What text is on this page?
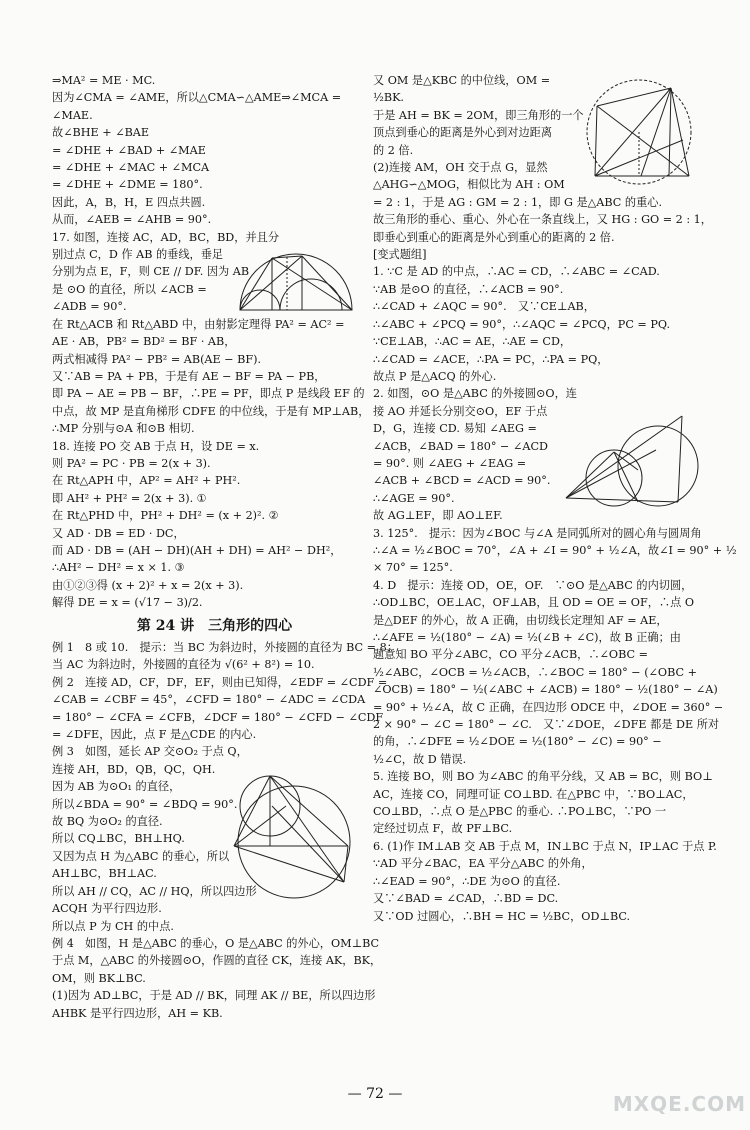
⇒MA² = ME · MC.

因为∠CMA = ∠AME，所以△CMA∽△AME⇒∠MCA =

∠MAE.

故∠BHE + ∠BAE

= ∠DHE + ∠BAD + ∠MAE

= ∠DHE + ∠MAC + ∠MCA

= ∠DHE + ∠DME = 180°.

因此，A，B，H，E 四点共圆.

从而，∠AEB = ∠AHB = 90°.

17. 如图，连接 AC，AD，BC，BD，并且分

别过点 C，D 作 AB 的垂线，垂足

分别为点 E，F，则 CE // DF. 因为 AB

是 ⊙O 的直径，所以 ∠ACB =

∠ADB = 90°.

在 Rt△ACB 和 Rt△ABD 中，由射影定理得 PA² = AC² =

AE · AB，PB² = BD² = BF · AB，

两式相减得 PA² − PB² = AB(AE − BF).

又∵AB = PA + PB，于是有 AE − BF = PA − PB，

即 PA − AE = PB − BF，∴PE = PF，即点 P 是线段 EF 的

中点，故 MP 是直角梯形 CDFE 的中位线，于是有 MP⊥AB，

∴MP 分别与⊙A 和⊙B 相切.

18. 连接 PO 交 AB 于点 H，设 DE = x.

则 PA² = PC · PB = 2(x + 3).

在 Rt△APH 中，AP² = AH² + PH².

即 AH² + PH² = 2(x + 3). ①

在 Rt△PHD 中，PH² + DH² = (x + 2)². ②

又 AD · DB = ED · DC，

而 AD · DB = (AH − DH)(AH + DH) = AH² − DH²，

∴AH² − DH² = x × 1. ③

由①②③得 (x + 2)² + x = 2(x + 3).

解得 DE = x = (√17 − 3)/2.

第 24 讲　三角形的四心

例 1　8 或 10.　提示：当 BC 为斜边时，外接圆的直径为 BC = 8；

当 AC 为斜边时，外接圆的直径为 √(6² + 8²) = 10.

例 2　连接 AD，CF，DF，EF，则由已知得，∠EDF = ∠CDF =

∠CAB = ∠CBF = 45°，∠CFD = 180° − ∠ADC = ∠CDA

= 180° − ∠CFA = ∠CFB，∠DCF = 180° − ∠CFD − ∠CDF

= ∠DFE，因此，点 F 是△CDE 的内心.

例 3　如图，延长 AP 交⊙O₂ 于点 Q，

连接 AH，BD，QB，QC，QH.

因为 AB 为⊙O₁ 的直径，

所以∠BDA = 90° = ∠BDQ = 90°.

故 BQ 为⊙O₂ 的直径.

所以 CQ⊥BC，BH⊥HQ.

又因为点 H 为△ABC 的垂心，所以

AH⊥BC，BH⊥AC.

所以 AH // CQ，AC // HQ，所以四边形

ACQH 为平行四边形.

所以点 P 为 CH 的中点.

例 4　如图，H 是△ABC 的垂心，O 是△ABC 的外心，OM⊥BC

于点 M，△ABC 的外接圆⊙O，作圆的直径 CK，连接 AK，BK，

OM，则 BK⊥BC.

(1)因为 AD⊥BC，于是 AD // BK，同理 AK // BE，所以四边形

AHBK 是平行四边形，AH = KB.

又 OM 是△KBC 的中位线，OM =

½BK.

于是 AH = BK = 2OM，即三角形的一个

顶点到垂心的距离是外心到对边距离

的 2 倍.

(2)连接 AM，OH 交于点 G，显然

△AHG∽△MOG，相似比为 AH : OM

= 2 : 1，于是 AG : GM = 2 : 1，即 G 是△ABC 的重心.

故三角形的垂心、重心、外心在一条直线上，又 HG : GO = 2 : 1，

即垂心到重心的距离是外心到重心的距离的 2 倍.

[变式题组]

1. ∵C 是 AD 的中点，∴AC = CD，∴∠ABC = ∠CAD.

∵AB 是⊙O 的直径，∴∠ACB = 90°.

∴∠CAD + ∠AQC = 90°.　又∵CE⊥AB，

∴∠ABC + ∠PCQ = 90°，∴∠AQC = ∠PCQ，PC = PQ.

∵CE⊥AB，∴AC = AE，∴AE = CD，

∴∠CAD = ∠ACE，∴PA = PC，∴PA = PQ，

故点 P 是△ACQ 的外心.

2. 如图，⊙O 是△ABC 的外接圆⊙O，连

接 AO 并延长分别交⊙O，EF 于点

D，G，连接 CD. 易知 ∠AEG =

∠ACB，∠BAD = 180° − ∠ACD

= 90°. 则 ∠AEG + ∠EAG =

∠ACB + ∠BCD = ∠ACD = 90°.

∴∠AGE = 90°.

故 AG⊥EF，即 AO⊥EF.

3. 125°.　提示：因为∠BOC 与∠A 是同弧所对的圆心角与圆周角

∴∠A = ½∠BOC = 70°，∠A + ∠I = 90° + ½∠A，故∠I = 90° + ½

× 70° = 125°.

4. D　提示：连接 OD，OE，OF.　∵⊙O 是△ABC 的内切圆，

∴OD⊥BC，OE⊥AC，OF⊥AB，且 OD = OE = OF，∴点 O

是△DEF 的外心，故 A 正确，由切线长定理知 AF = AE，

∴∠AFE = ½(180° − ∠A) = ½(∠B + ∠C)，故 B 正确；由

题意知 BO 平分∠ABC，CO 平分∠ACB，∴∠OBC =

½∠ABC，∠OCB = ½∠ACB，∴∠BOC = 180° − (∠OBC +

∠OCB) = 180° − ½(∠ABC + ∠ACB) = 180° − ½(180° − ∠A)

= 90° + ½∠A，故 C 正确，在四边形 ODCE 中，∠DOE = 360° −

2 × 90° − ∠C = 180° − ∠C.　又∵∠DOE，∠DFE 都是 DE 所对

的角，∴∠DFE = ½∠DOE = ½(180° − ∠C) = 90° −

½∠C，故 D 错误.

5. 连接 BO，则 BO 为∠ABC 的角平分线，又 AB = BC，则 BO⊥

AC，连接 CO，同理可证 CO⊥BD. 在△PBC 中，∵BO⊥AC，

CO⊥BD，∴点 O 是△PBC 的垂心. ∴PO⊥BC，∵PO 一

定经过切点 F，故 PF⊥BC.

6. (1)作 IM⊥AB 交 AB 于点 M，IN⊥BC 于点 N，IP⊥AC 于点 P.

∵AD 平分∠BAC，EA 平分△ABC 的外角，

∴∠EAD = 90°，∴DE 为⊙O 的直径.

又∵∠BAD = ∠CAD，∴BD = DC.

又∵OD 过圆心，∴BH = HC = ½BC，OD⊥BC.

— 72 —	MXQE.COM
